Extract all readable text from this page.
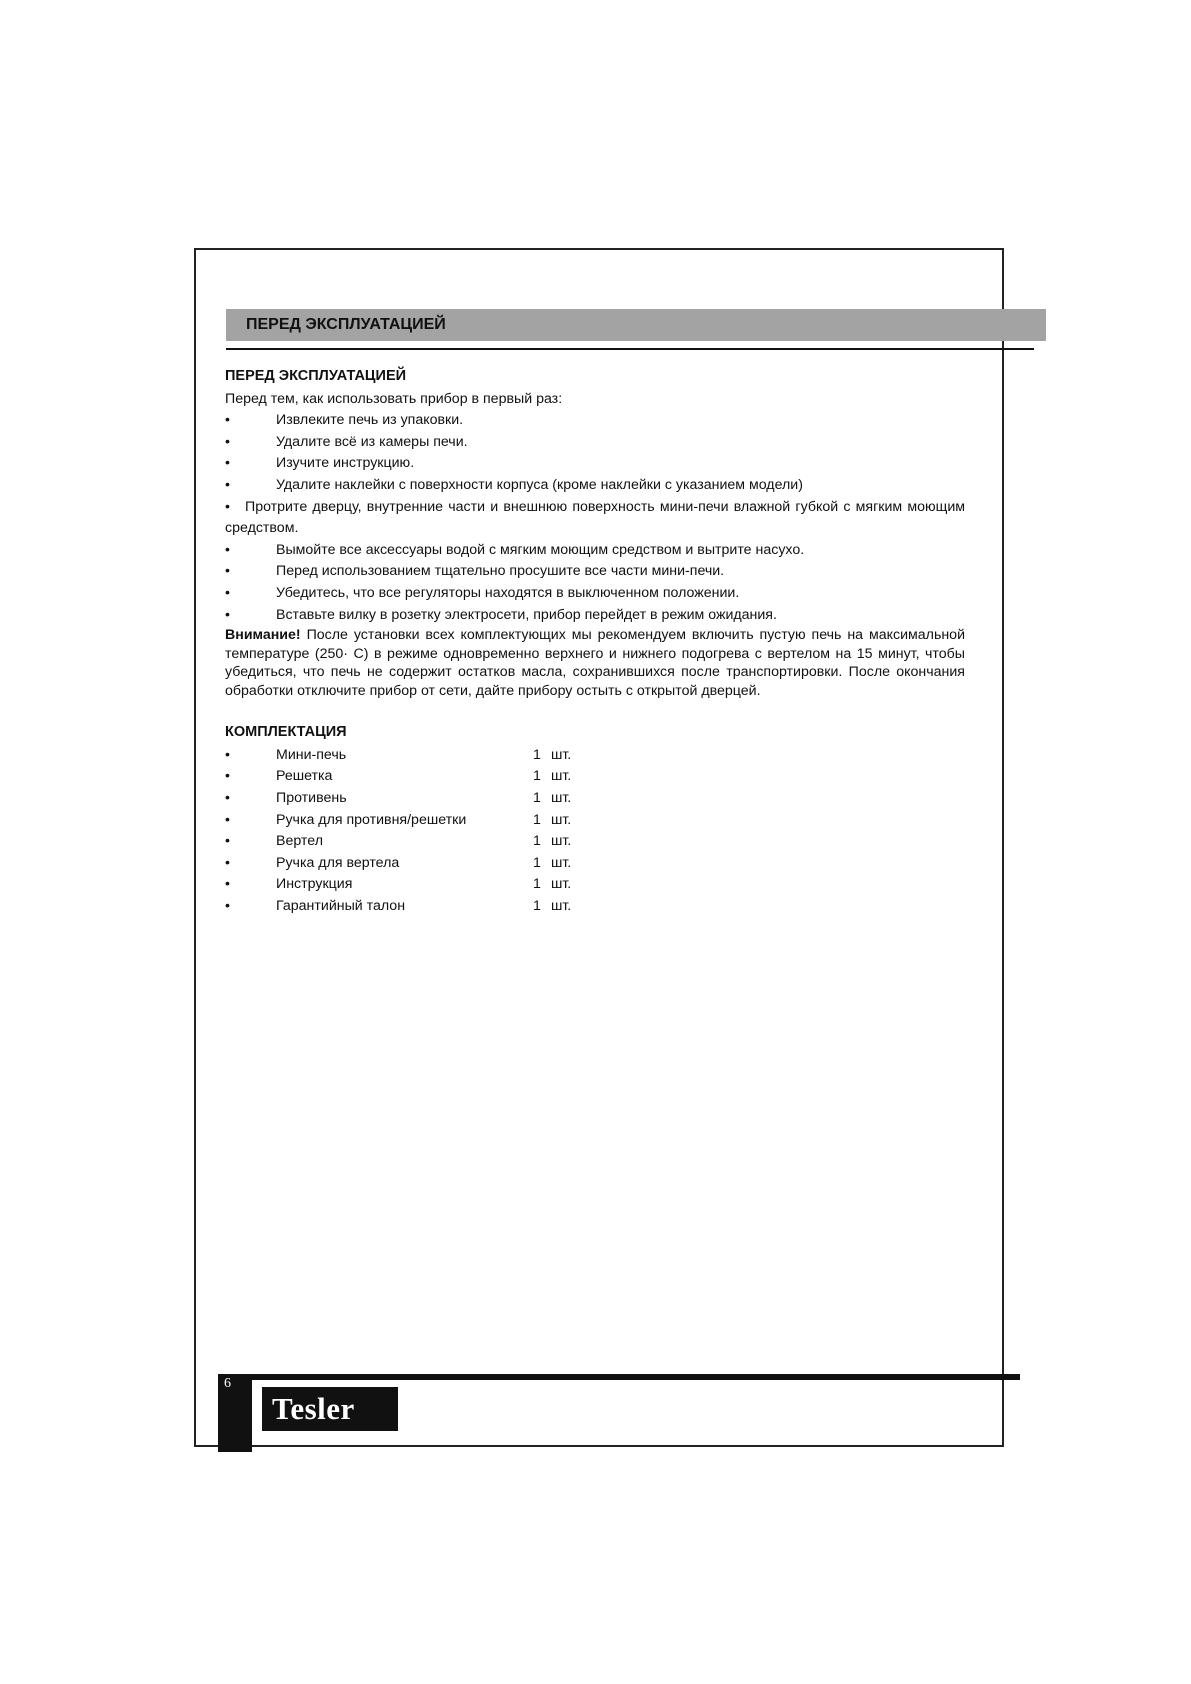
ПЕРЕД ЭКСПЛУАТАЦИЕЙ
ПЕРЕД ЭКСПЛУАТАЦИЕЙ

Перед тем, как использовать прибор в первый раз:

•	Извлеките печь из упаковки.
•	Удалите всё из камеры печи.
•	Изучите инструкцию.
•	Удалите наклейки с поверхности корпуса (кроме наклейки с указанием модели)
• Протрите дверцу, внутренние части и внешнюю поверхность мини-печи влажной губкой с мягким моющим средством.
•	Вымойте все аксессуары водой с мягким моющим средством и вытрите насухо.
•	Перед использованием тщательно просушите все части мини-печи.
•	Убедитесь, что все регуляторы находятся в выключенном положении.
•	Вставьте вилку в розетку электросети, прибор перейдет в режим ожидания.

Внимание! После установки всех комплектующих мы рекомендуем включить пустую печь на максимальной температуре (250· С) в режиме одновременно верхнего и нижнего подогрева с вертелом на 15 минут, чтобы убедиться, что печь не содержит остатков масла, сохранившихся после транспортировки. После окончания обработки отключите прибор от сети, дайте прибору остыть с открытой дверцей.

КОМПЛЕКТАЦИЯ
•	Мини-печь	1	шт.
•	Решетка	1	шт.
•	Противень	1	шт.
•	Ручка для противня/решетки	1	шт.
•	Вертел	1	шт.
•	Ручка для вертела	1	шт.
•	Инструкция	1	шт.
•	Гарантийный талон	1	шт.
6
Tesler
